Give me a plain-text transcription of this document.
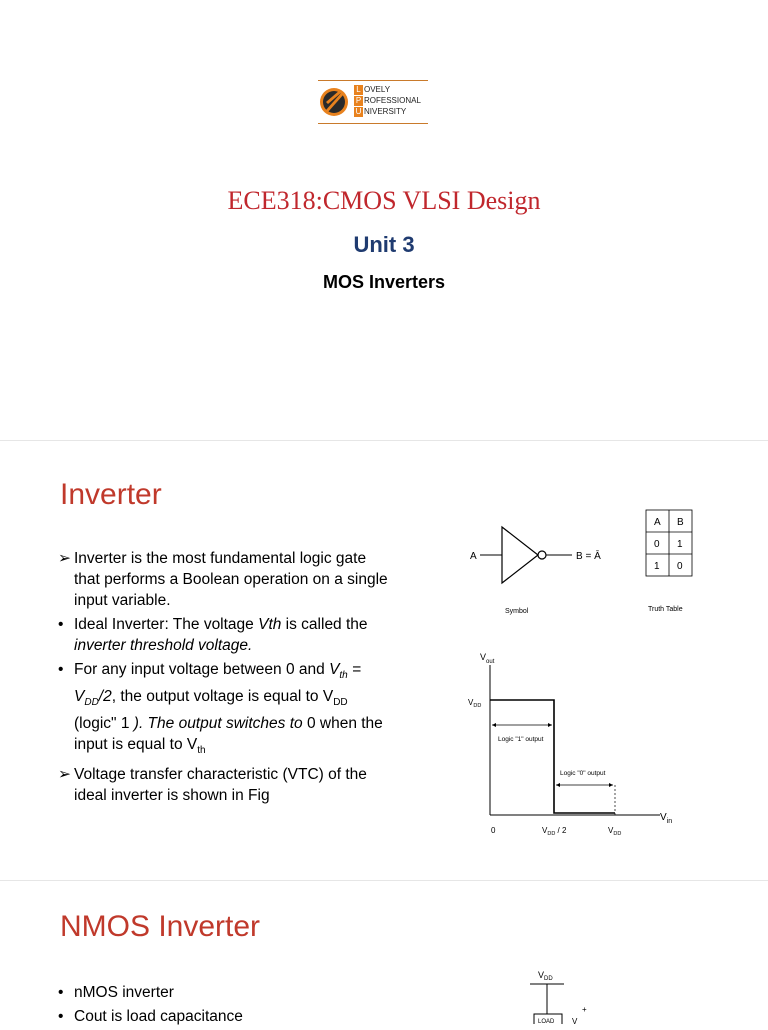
L OVELY
P ROFESSIONAL
U NIVERSITY
ECE318:CMOS VLSI Design
Unit 3
MOS Inverters
Inverter
➢ Inverter is the most fundamental logic gate that performs a Boolean operation on a single input variable.
• Ideal Inverter: The voltage Vth is called the inverter threshold voltage.
• For any input voltage between 0 and $V_{th} = V_{DD}/2$, the output voltage is equal to $V_{DD}$ (logic" 1 ). The output switches to 0 when the input is equal to $V_{th}$
➢ Voltage transfer characteristic (VTC) of the ideal inverter is shown in Fig
A	B = Ā
Symbol
A B
0 1
1 0
Truth Table
$V_{out}$
$V_{DD}$
Logic "1" output
Logic "0" output
$V_{in}$
0	$V_{DD} / 2$	$V_{DD}$
NMOS Inverter
• nMOS inverter
• Cout is load capacitance
$V_{DD}$
LOAD
+
V
